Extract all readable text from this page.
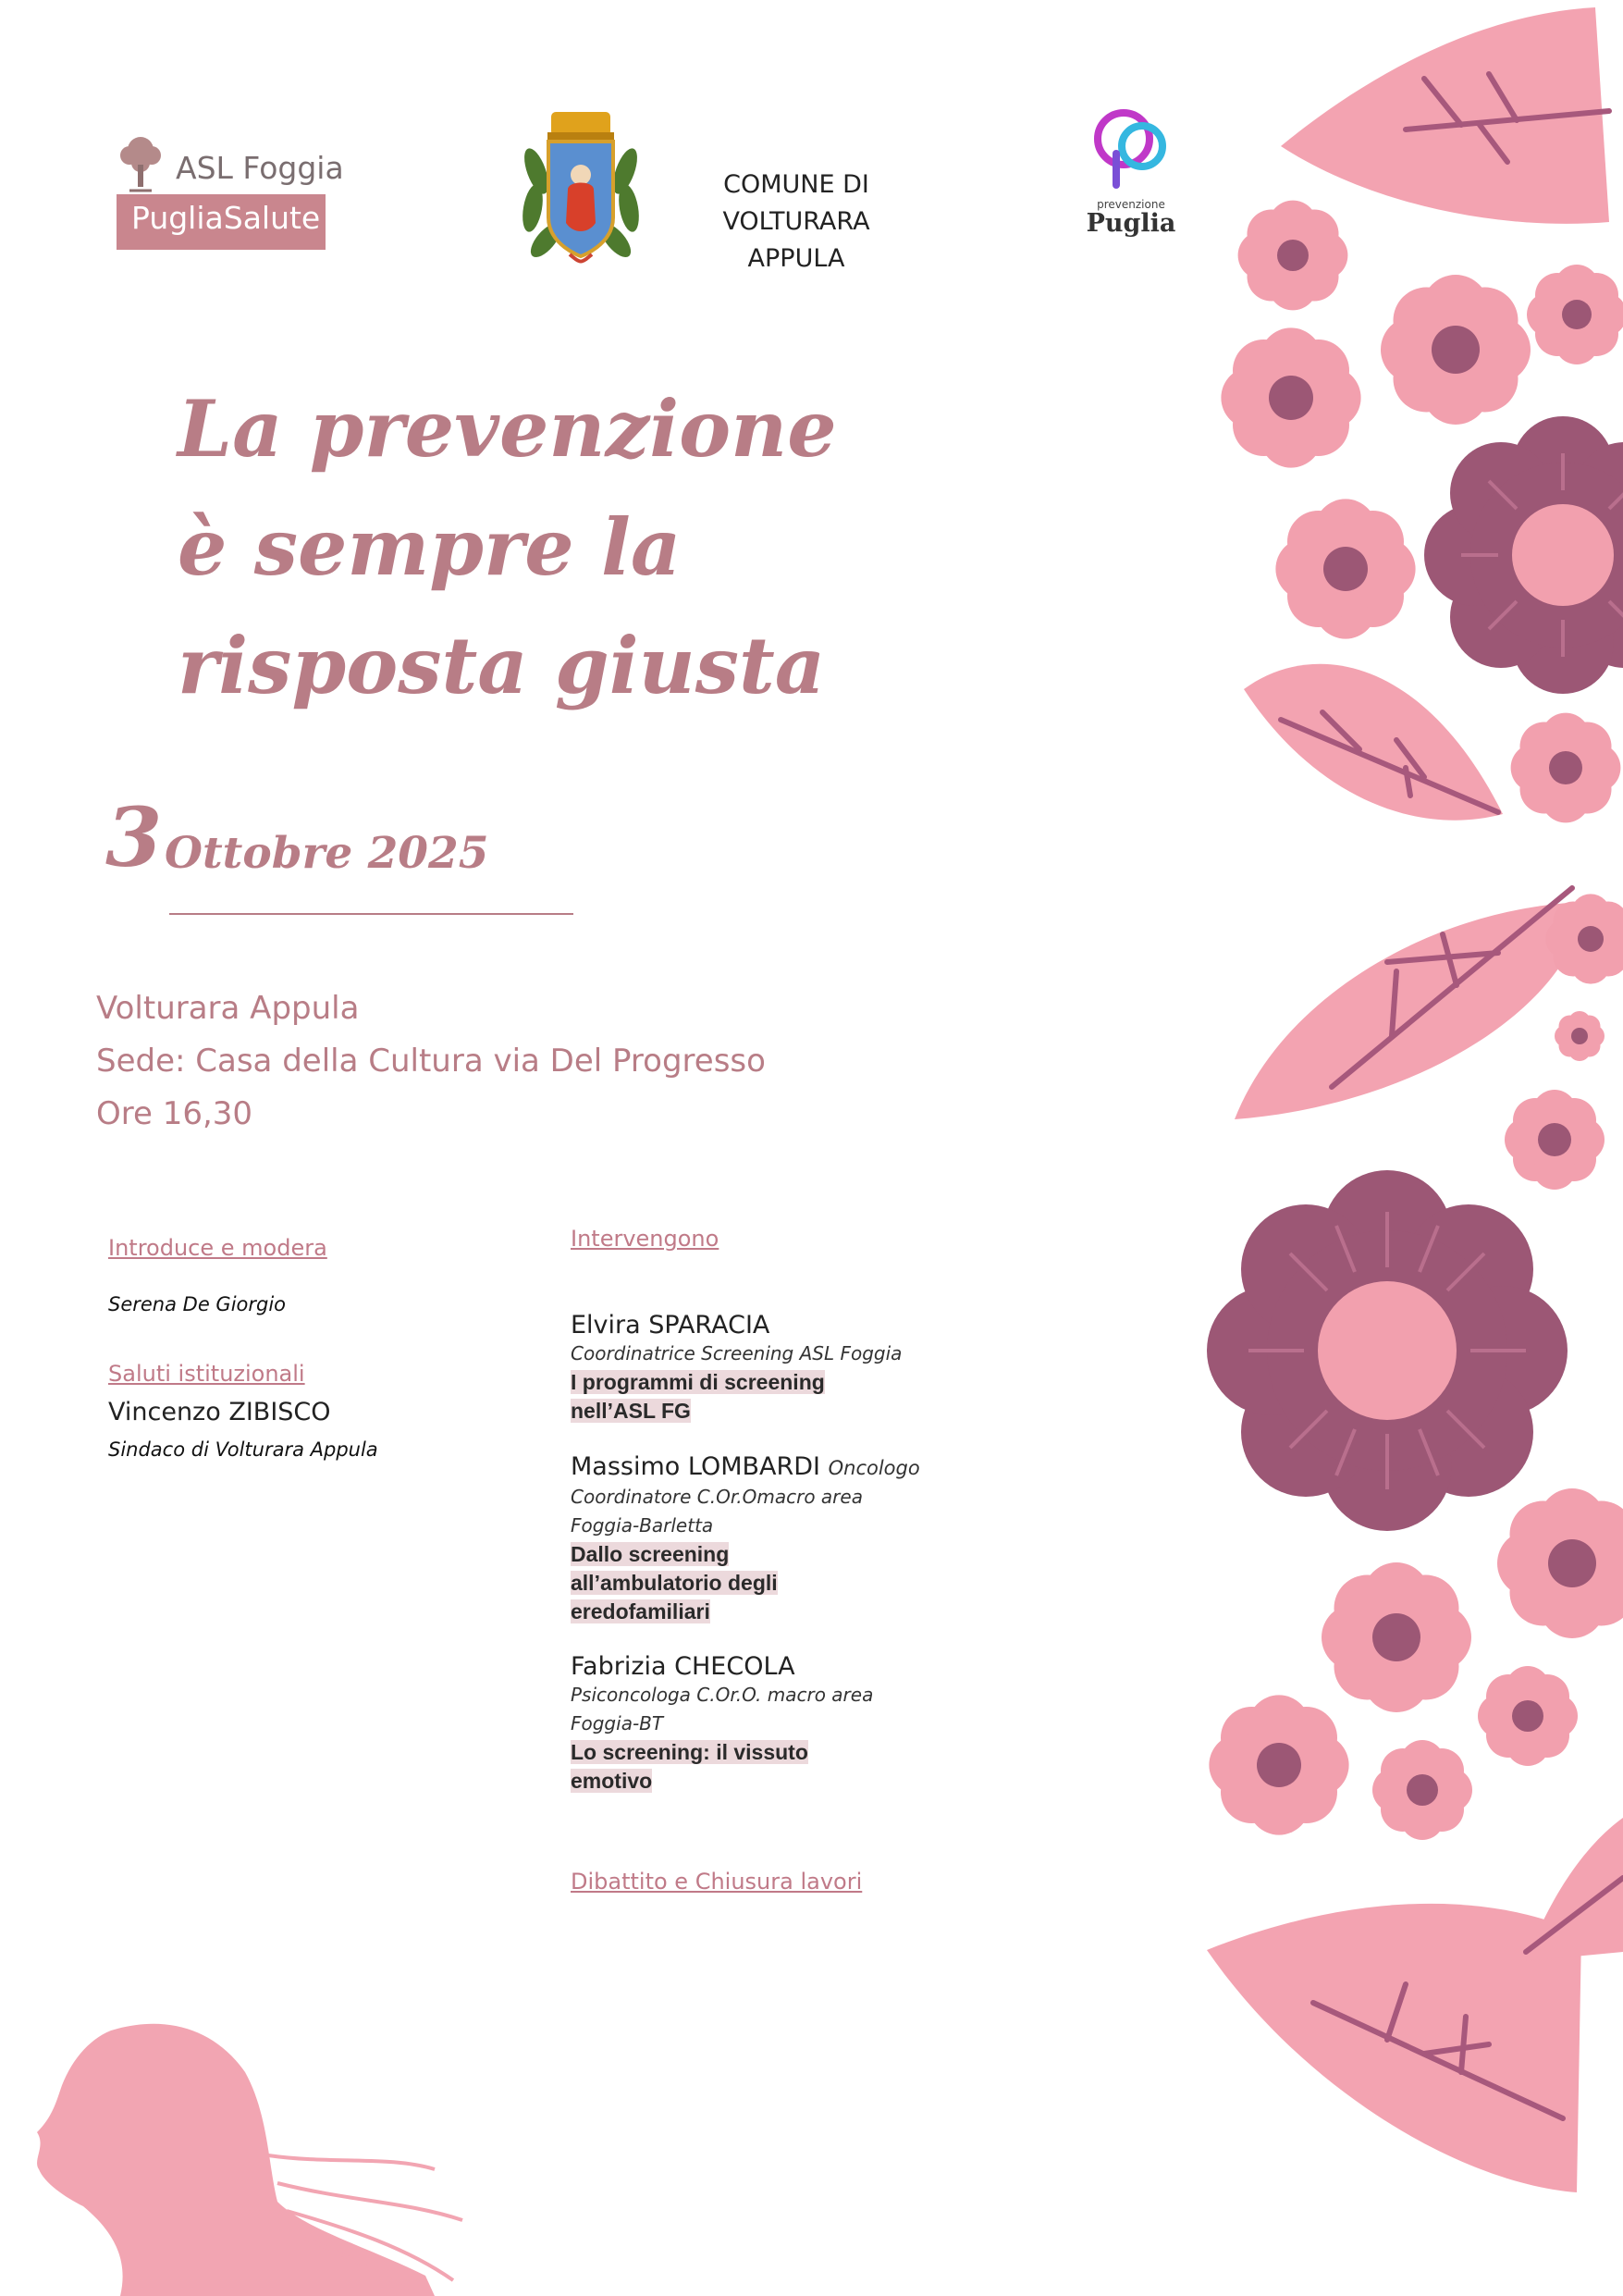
ASL Foggia
PugliaSalute
COMUNE DI
VOLTURARA APPULA
prevenzione
Puglia
La prevenzione
è sempre la
risposta giusta
3 Ottobre 2025
Volturara Appula
Sede: Casa della Cultura via Del Progresso
Ore 16,30
Introduce e modera
Serena De Giorgio
Saluti istituzionali
Vincenzo ZIBISCO
Sindaco di Volturara Appula
Intervengono
Elvira SPARACIA
Coordinatrice Screening ASL Foggia
I programmi di screening
nell’ASL FG
Massimo LOMBARDI Oncologo
Coordinatore C.Or.Omacro area
Foggia-Barletta
Dallo screening
all’ambulatorio degli
eredofamiliari
Fabrizia CHECOLA
Psiconcologa C.Or.O. macro area
Foggia-BT
Lo screening: il vissuto
emotivo
Dibattito e Chiusura lavori
